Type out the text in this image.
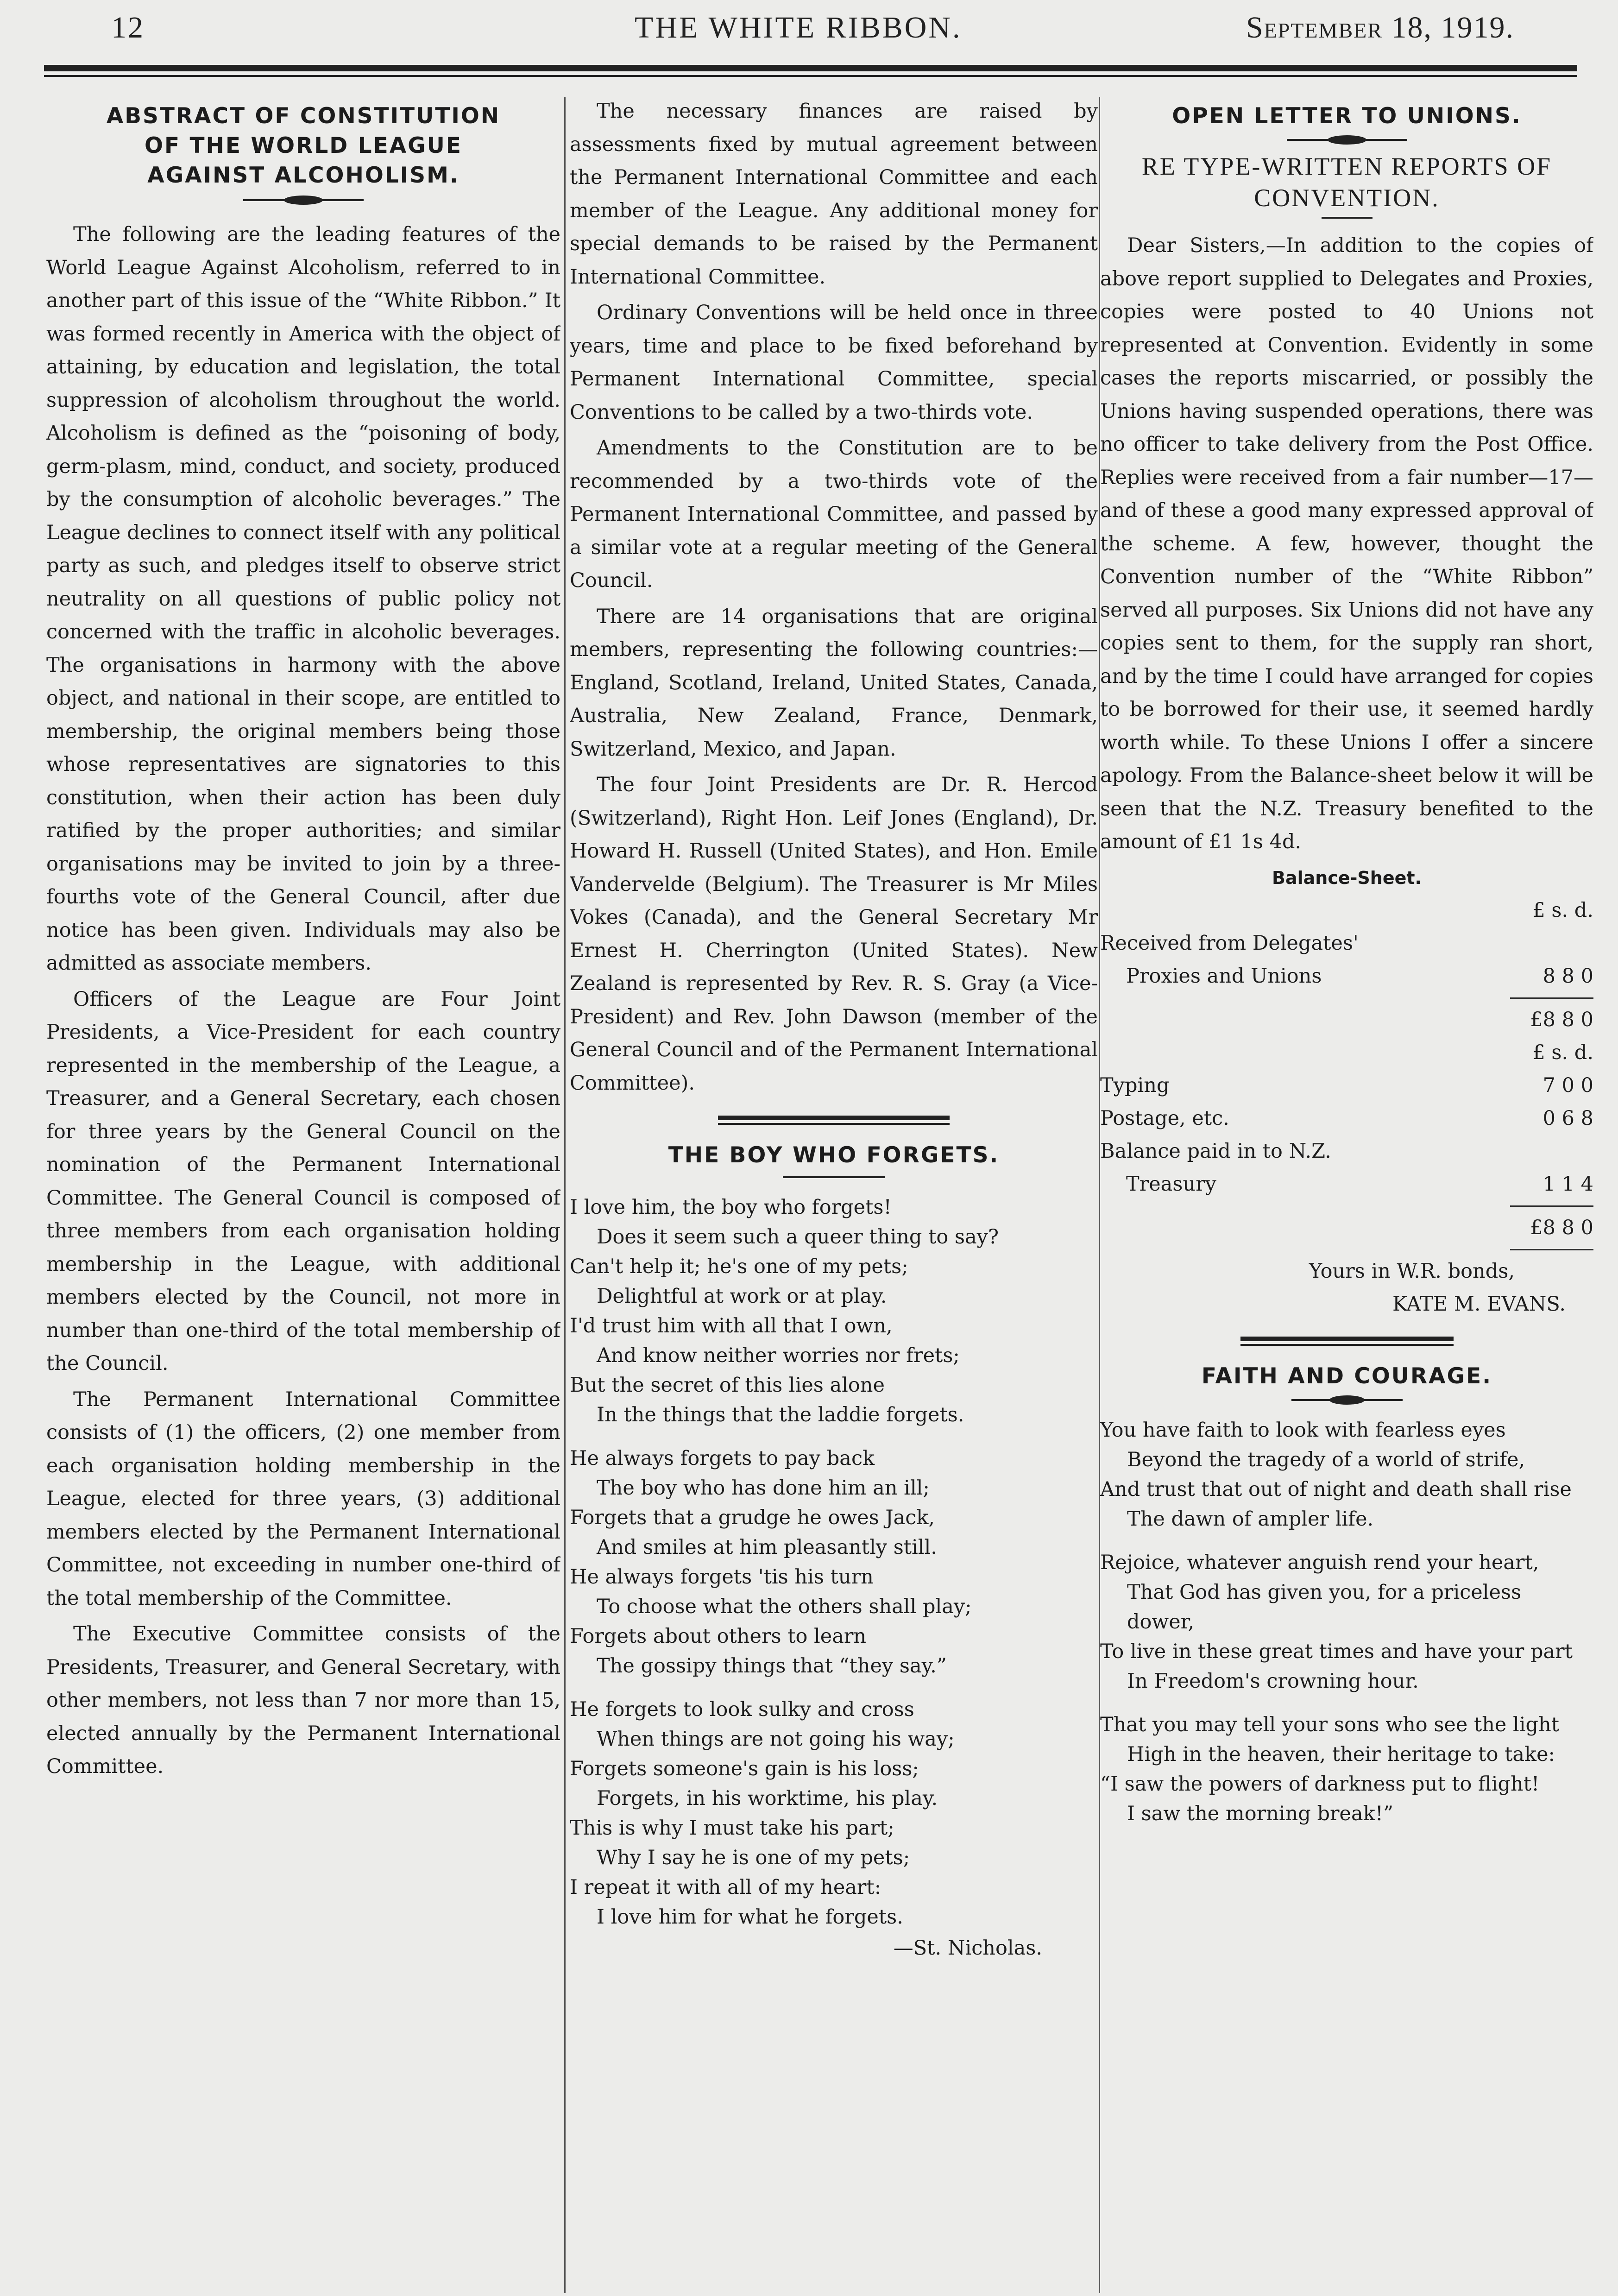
12	THE WHITE RIBBON.	September 18, 1919.
ABSTRACT OF CONSTITUTION
OF THE WORLD LEAGUE
AGAINST ALCOHOLISM.

The following are the leading features of the World League Against Alcoholism, referred to in another part of this issue of the “White Ribbon.” It was formed recently in America with the object of attaining, by education and legislation, the total suppression of alcoholism throughout the world. Alcoholism is defined as the “poisoning of body, germ-plasm, mind, conduct, and society, produced by the consumption of alcoholic beverages.” The League declines to connect itself with any political party as such, and pledges itself to observe strict neutrality on all questions of public policy not concerned with the traffic in alcoholic beverages. The organisations in harmony with the above object, and national in their scope, are entitled to membership, the original members being those whose representatives are signatories to this constitution, when their action has been duly ratified by the proper authorities; and similar organisations may be invited to join by a three-fourths vote of the General Council, after due notice has been given. Individuals may also be admitted as associate members.

Officers of the League are Four Joint Presidents, a Vice-President for each country represented in the membership of the League, a Treasurer, and a General Secretary, each chosen for three years by the General Council on the nomination of the Permanent International Committee. The General Council is composed of three members from each organisation holding membership in the League, with additional members elected by the Council, not more in number than one-third of the total membership of the Council.

The Permanent International Committee consists of (1) the officers, (2) one member from each organisation holding membership in the League, elected for three years, (3) additional members elected by the Permanent International Committee, not exceeding in number one-third of the total membership of the Committee.

The Executive Committee consists of the Presidents, Treasurer, and General Secretary, with other members, not less than 7 nor more than 15, elected annually by the Permanent International Committee.

The necessary finances are raised by assessments fixed by mutual agreement between the Permanent International Committee and each member of the League. Any additional money for special demands to be raised by the Permanent International Committee.

Ordinary Conventions will be held once in three years, time and place to be fixed beforehand by Permanent International Committee, special Conventions to be called by a two-thirds vote.

Amendments to the Constitution are to be recommended by a two-thirds vote of the Permanent International Committee, and passed by a similar vote at a regular meeting of the General Council.

There are 14 organisations that are original members, representing the following countries:—England, Scotland, Ireland, United States, Canada, Australia, New Zealand, France, Denmark, Switzerland, Mexico, and Japan.

The four Joint Presidents are Dr. R. Hercod (Switzerland), Right Hon. Leif Jones (England), Dr. Howard H. Russell (United States), and Hon. Emile Vandervelde (Belgium). The Treasurer is Mr Miles Vokes (Canada), and the General Secretary Mr Ernest H. Cherrington (United States). New Zealand is represented by Rev. R. S. Gray (a Vice-President) and Rev. John Dawson (member of the General Council and of the Permanent International Committee).

THE BOY WHO FORGETS.
I love him, the boy who forgets!
Does it seem such a queer thing to say?
Can't help it; he's one of my pets;
Delightful at work or at play.
I'd trust him with all that I own,
And know neither worries nor frets;
But the secret of this lies alone
In the things that the laddie forgets.
He always forgets to pay back
The boy who has done him an ill;
Forgets that a grudge he owes Jack,
And smiles at him pleasantly still.
He always forgets 'tis his turn
To choose what the others shall play;
Forgets about others to learn
The gossipy things that “they say.”
He forgets to look sulky and cross
When things are not going his way;
Forgets someone's gain is his loss;
Forgets, in his worktime, his play.
This is why I must take his part;
Why I say he is one of my pets;
I repeat it with all of my heart:
I love him for what he forgets.

—St. Nicholas.

OPEN LETTER TO UNIONS.
RE TYPE-WRITTEN REPORTS OF CONVENTION.

Dear Sisters,—In addition to the copies of above report supplied to Delegates and Proxies, copies were posted to 40 Unions not represented at Convention. Evidently in some cases the reports miscarried, or possibly the Unions having suspended operations, there was no officer to take delivery from the Post Office. Replies were received from a fair number—17—and of these a good many expressed approval of the scheme. A few, however, thought the Convention number of the “White Ribbon” served all purposes. Six Unions did not have any copies sent to them, for the supply ran short, and by the time I could have arranged for copies to be borrowed for their use, it seemed hardly worth while. To these Unions I offer a sincere apology. From the Balance-sheet below it will be seen that the N.Z. Treasury benefited to the amount of £1 1s 4d.

Balance-Sheet.
£ s. d.
Received from Delegates'
Proxies and Unions	8 8 0
£8 8 0
£ s. d.
Typing	7 0 0
Postage, etc.	0 6 8
Balance paid in to N.Z.
Treasury	1 1 4
£8 8 0

Yours in W.R. bonds,

KATE M. EVANS.

FAITH AND COURAGE.
You have faith to look with fearless eyes
Beyond the tragedy of a world of strife,
And trust that out of night and death shall rise
The dawn of ampler life.
Rejoice, whatever anguish rend your heart,
That God has given you, for a priceless dower,
To live in these great times and have your part
In Freedom's crowning hour.
That you may tell your sons who see the light
High in the heaven, their heritage to take:
“I saw the powers of darkness put to flight!
I saw the morning break!”
